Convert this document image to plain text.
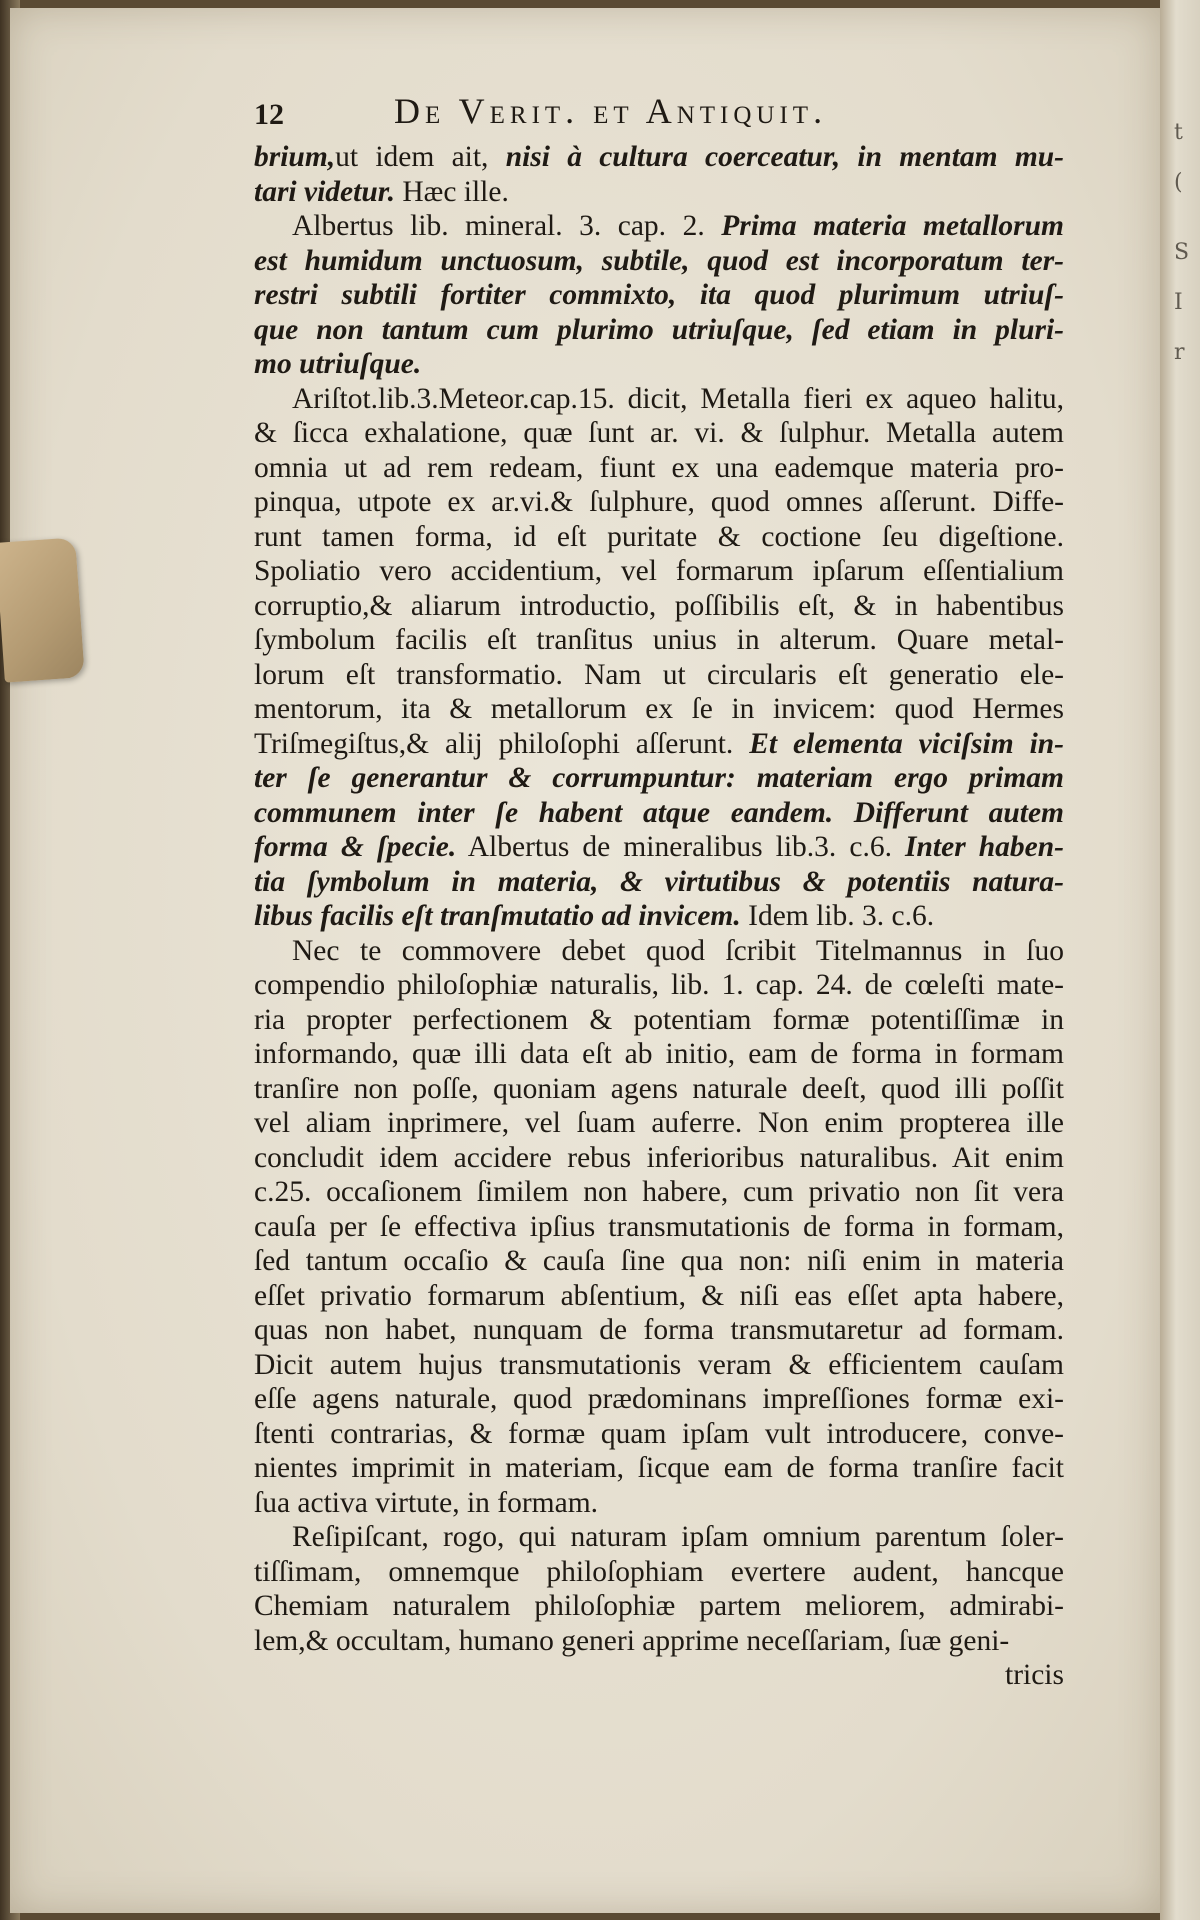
t
(
S
I
r
12	De Verit. et Antiquit.
brium,ut idem ait, nisi à cultura coerceatur, in mentam mu-
tari videtur. Hæc ille.
Albertus lib. mineral. 3. cap. 2. Prima materia metallorum
est humidum unctuosum, subtile, quod est incorporatum ter-
restri subtili fortiter commixto, ita quod plurimum utriuſ-
que non tantum cum plurimo utriuſque, ſed etiam in pluri-
mo utriuſque.
Ariſtot.lib.3.Meteor.cap.15. dicit, Metalla fieri ex aqueo halitu,
& ſicca exhalatione, quæ ſunt ar. vi. & ſulphur. Metalla autem
omnia ut ad rem redeam, fiunt ex una eademque materia pro-
pinqua, utpote ex ar.vi.& ſulphure, quod omnes aſſerunt. Diffe-
runt tamen forma, id eſt puritate & coctione ſeu digeſtione.
Spoliatio vero accidentium, vel formarum ipſarum eſſentialium
corruptio,& aliarum introductio, poſſibilis eſt, & in habentibus
ſymbolum facilis eſt tranſitus unius in alterum. Quare metal-
lorum eſt transformatio. Nam ut circularis eſt generatio ele-
mentorum, ita & metallorum ex ſe in invicem: quod Hermes
Triſmegiſtus,& alij philoſophi aſſerunt. Et elementa viciſsim in-
ter ſe generantur & corrumpuntur: materiam ergo primam
communem inter ſe habent atque eandem. Differunt autem
forma & ſpecie. Albertus de mineralibus lib.3. c.6. Inter haben-
tia ſymbolum in materia, & virtutibus & potentiis natura-
libus facilis eſt tranſmutatio ad invicem. Idem lib. 3. c.6.
Nec te commovere debet quod ſcribit Titelmannus in ſuo
compendio philoſophiæ naturalis, lib. 1. cap. 24. de cœleſti mate-
ria propter perfectionem & potentiam formæ potentiſſimæ in
informando, quæ illi data eſt ab initio, eam de forma in formam
tranſire non poſſe, quoniam agens naturale deeſt, quod illi poſſit
vel aliam inprimere, vel ſuam auferre. Non enim propterea ille
concludit idem accidere rebus inferioribus naturalibus. Ait enim
c.25. occaſionem ſimilem non habere, cum privatio non ſit vera
cauſa per ſe effectiva ipſius transmutationis de forma in formam,
ſed tantum occaſio & cauſa ſine qua non: niſi enim in materia
eſſet privatio formarum abſentium, & niſi eas eſſet apta habere,
quas non habet, nunquam de forma transmutaretur ad formam.
Dicit autem hujus transmutationis veram & efficientem cauſam
eſſe agens naturale, quod prædominans impreſſiones formæ exi-
ſtenti contrarias, & formæ quam ipſam vult introducere, conve-
nientes imprimit in materiam, ſicque eam de forma tranſire facit
ſua activa virtute, in formam.
Reſipiſcant, rogo, qui naturam ipſam omnium parentum ſoler-
tiſſimam, omnemque philoſophiam evertere audent, hancque
Chemiam naturalem philoſophiæ partem meliorem, admirabi-
lem,& occultam, humano generi apprime neceſſariam, ſuæ geni-
tricis
